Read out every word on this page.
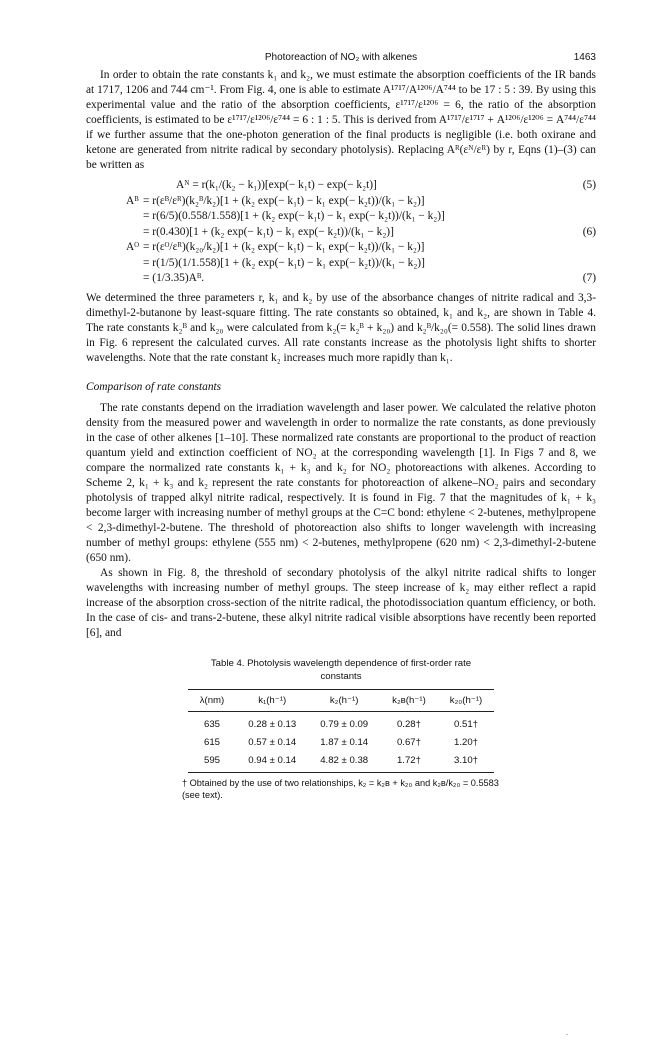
Photoreaction of NO₂ with alkenes	1463

In order to obtain the rate constants k₁ and k₂, we must estimate the absorption coefficients of the IR bands at 1717, 1206 and 744 cm⁻¹. From Fig. 4, one is able to estimate A¹⁷¹⁷/A¹²⁰⁶/A⁷⁴⁴ to be 17 : 5 : 39. By using this experimental value and the ratio of the absorption coefficients, ε¹⁷¹⁷/ε¹²⁰⁶ = 6, the ratio of the absorption coefficients, is estimated to be ε¹⁷¹⁷/ε¹²⁰⁶/ε⁷⁴⁴ = 6 : 1 : 5. This is derived from A¹⁷¹⁷/ε¹⁷¹⁷ + A¹²⁰⁶/ε¹²⁰⁶ = A⁷⁴⁴/ε⁷⁴⁴ if we further assume that the one-photon generation of the final products is negligible (i.e. both oxirane and ketone are generated from nitrite radical by secondary photolysis). Replacing Aᴿ(εᴺ/εᴿ) by r, Eqns (1)–(3) can be written as

Aᴺ = r(k₁/(k₂ − k₁))[exp(− k₁t) − exp(− k₂t)]	(5)
Aᴮ = r(εᴮ/εᴿ)(k₂ᴮ/k₂)[1 + (k₂ exp(− k₁t) − k₁ exp(− k₂t))/(k₁ − k₂)]
= r(6/5)(0.558/1.558)[1 + (k₂ exp(− k₁t) − k₁ exp(− k₂t))/(k₁ − k₂)]
= r(0.430)[1 + (k₂ exp(− k₁t) − k₁ exp(− k₂t))/(k₁ − k₂)]	(6)
Aᴼ = r(εᴼ/εᴿ)(k₂₀/k₂)[1 + (k₂ exp(− k₁t) − k₁ exp(− k₂t))/(k₁ − k₂)]
= r(1/5)(1/1.558)[1 + (k₂ exp(− k₁t) − k₁ exp(− k₂t))/(k₁ − k₂)]
= (1/3.35)Aᴮ.	(7)

We determined the three parameters r, k₁ and k₂ by use of the absorbance changes of nitrite radical and 3,3-dimethyl-2-butanone by least-square fitting. The rate constants so obtained, k₁ and k₂, are shown in Table 4. The rate constants k₂ᴮ and k₂₀ were calculated from k₂(= k₂ᴮ + k₂₀) and k₂ᴮ/k₂₀(= 0.558). The solid lines drawn in Fig. 6 represent the calculated curves. All rate constants increase as the photolysis light shifts to shorter wavelengths. Note that the rate constant k₂ increases much more rapidly than k₁.

Comparison of rate constants

The rate constants depend on the irradiation wavelength and laser power. We calculated the relative photon density from the measured power and wavelength in order to normalize the rate constants, as done previously in the case of other alkenes [1–10]. These normalized rate constants are proportional to the product of reaction quantum yield and extinction coefficient of NO₂ at the corresponding wavelength [1]. In Figs 7 and 8, we compare the normalized rate constants k₁ + k₃ and k₂ for NO₂ photoreactions with alkenes. According to Scheme 2, k₁ + k₃ and k₂ represent the rate constants for photoreaction of alkene–NO₂ pairs and secondary photolysis of trapped alkyl nitrite radical, respectively. It is found in Fig. 7 that the magnitudes of k₁ + k₃ become larger with increasing number of methyl groups at the C=C bond: ethylene < 2-butenes, methylpropene < 2,3-dimethyl-2-butene. The threshold of photoreaction also shifts to longer wavelength with increasing number of methyl groups: ethylene (555 nm) < 2-butenes, methylpropene (620 nm) < 2,3-dimethyl-2-butene (650 nm).

As shown in Fig. 8, the threshold of secondary photolysis of the alkyl nitrite radical shifts to longer wavelengths with increasing number of methyl groups. The steep increase of k₂ may either reflect a rapid increase of the absorption cross-section of the nitrite radical, the photodissociation quantum efficiency, or both. In the case of cis- and trans-2-butene, these alkyl nitrite radical visible absorptions have recently been reported [6], and

Table 4. Photolysis wavelength dependence of first-order rate
constants
λ(nm)	k₁(h⁻¹)	k₂(h⁻¹)	k₂ʙ(h⁻¹)	k₂₀(h⁻¹)
635	0.28 ± 0.13	0.79 ± 0.09	0.28†	0.51†
615	0.57 ± 0.14	1.87 ± 0.14	0.67†	1.20†
595	0.94 ± 0.14	4.82 ± 0.38	1.72†	3.10†
† Obtained by the use of two relationships, k₂ = k₂ʙ + k₂₀ and k₂ʙ/k₂₀ = 0.5583 (see text).
.
